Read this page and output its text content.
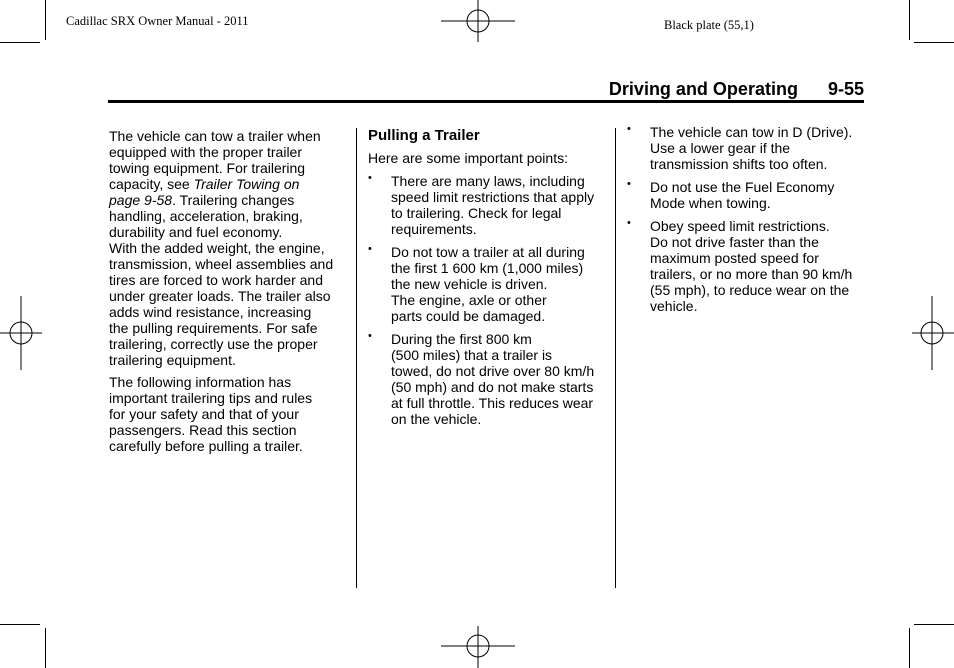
Cadillac SRX Owner Manual - 2011	Black plate (55,1)
Driving and Operating 9-55

The vehicle can tow a trailer when
equipped with the proper trailer
towing equipment. For trailering
capacity, see Trailer Towing on
page 9-58. Trailering changes
handling, acceleration, braking,
durability and fuel economy.

With the added weight, the engine,
transmission, wheel assemblies and
tires are forced to work harder and
under greater loads. The trailer also
adds wind resistance, increasing
the pulling requirements. For safe
trailering, correctly use the proper
trailering equipment.

The following information has
important trailering tips and rules
for your safety and that of your
passengers. Read this section
carefully before pulling a trailer.

Pulling a Trailer

Here are some important points:

• There are many laws, including
speed limit restrictions that apply
to trailering. Check for legal
requirements.
• Do not tow a trailer at all during
the first 1 600 km (1,000 miles)
the new vehicle is driven.
The engine, axle or other
parts could be damaged.
• During the first 800 km
(500 miles) that a trailer is
towed, do not drive over 80 km/h
(50 mph) and do not make starts
at full throttle. This reduces wear
on the vehicle.
• The vehicle can tow in D (Drive).
Use a lower gear if the
transmission shifts too often.
• Do not use the Fuel Economy
Mode when towing.
• Obey speed limit restrictions.
Do not drive faster than the
maximum posted speed for
trailers, or no more than 90 km/h
(55 mph), to reduce wear on the
vehicle.
